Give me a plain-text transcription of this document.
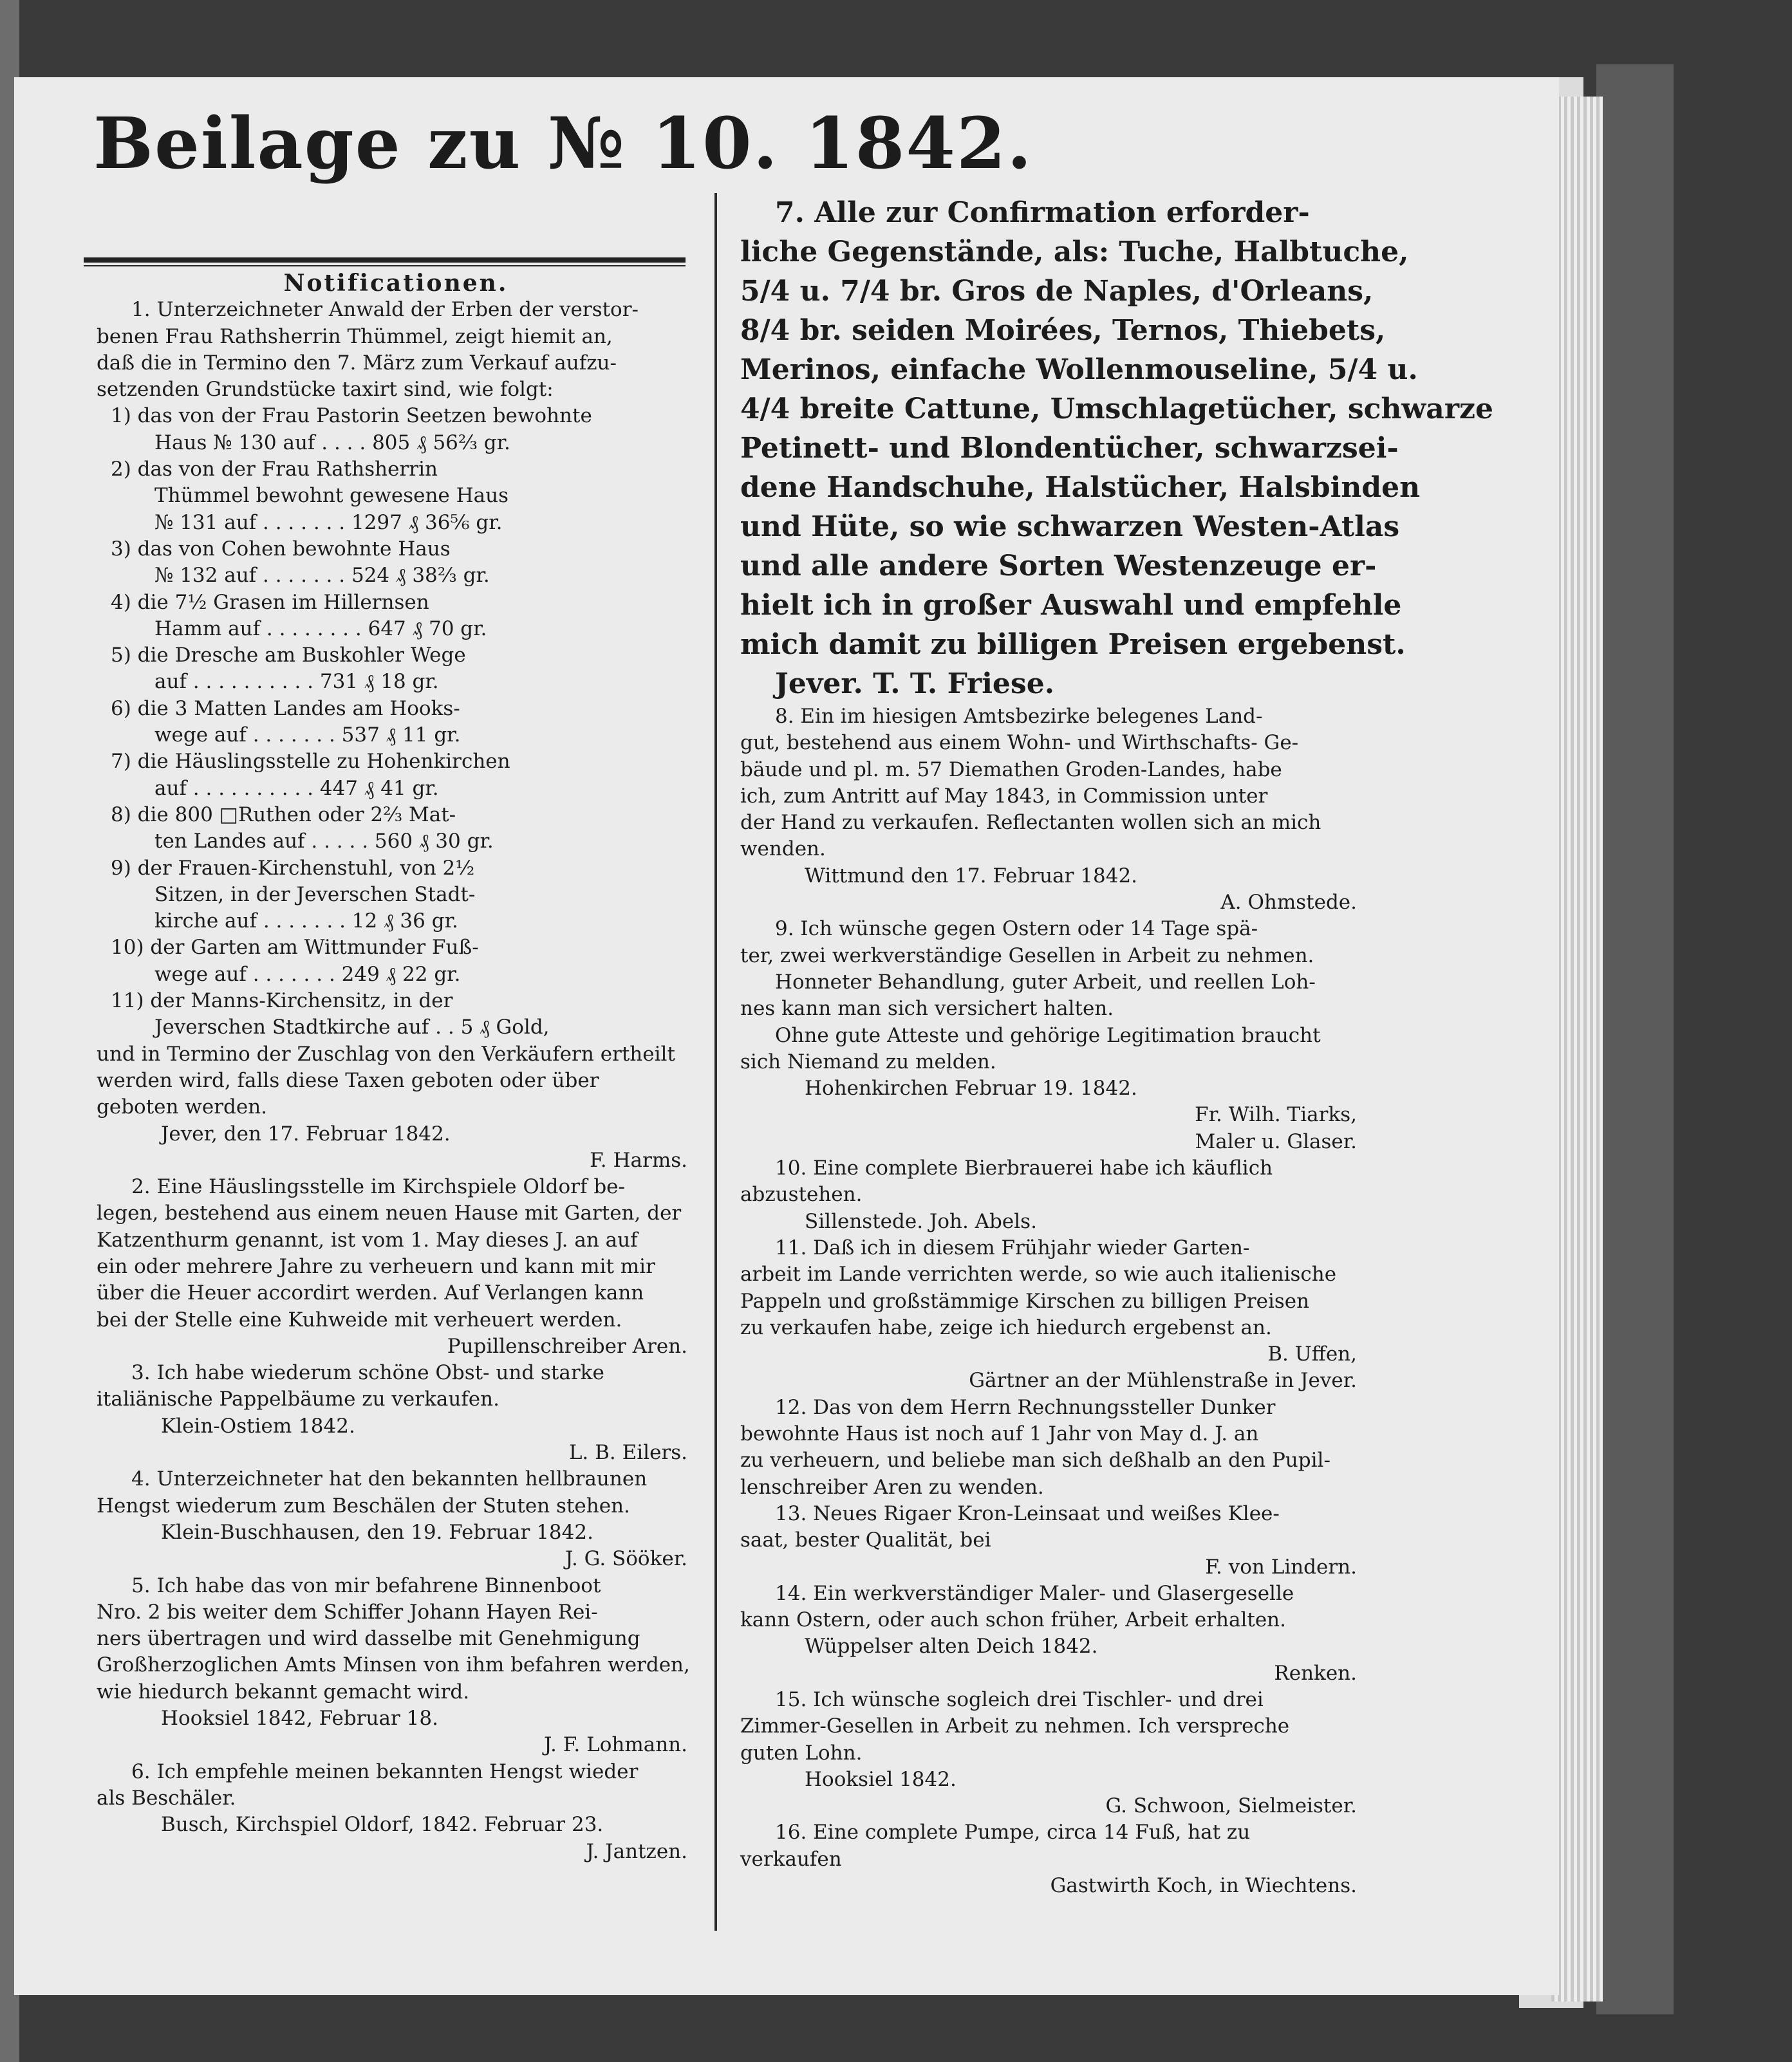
Beilage zu № 10. 1842.
Notificationen.
1. Unterzeichneter Anwald der Erben der verstor-
benen Frau Rathsherrin Thümmel, zeigt hiemit an,
daß die in Termino den 7. März zum Verkauf aufzu-
setzenden Grundstücke taxirt sind, wie folgt:
1) das von der Frau Pastorin Seetzen bewohnte
Haus № 130 auf . . . . 805 ₰ 56⅔ gr.
2) das von der Frau Rathsherrin
Thümmel bewohnt gewesene Haus
№ 131 auf . . . . . . . 1297 ₰ 36⅚ gr.
3) das von Cohen bewohnte Haus
№ 132 auf . . . . . . . 524 ₰ 38⅔ gr.
4) die 7½ Grasen im Hillernsen
Hamm auf . . . . . . . . 647 ₰ 70 gr.
5) die Dresche am Buskohler Wege
auf . . . . . . . . . . 731 ₰ 18 gr.
6) die 3 Matten Landes am Hooks-
wege auf . . . . . . . 537 ₰ 11 gr.
7) die Häuslingsstelle zu Hohenkirchen
auf . . . . . . . . . . 447 ₰ 41 gr.
8) die 800 □Ruthen oder 2⅔ Mat-
ten Landes auf . . . . . 560 ₰ 30 gr.
9) der Frauen-Kirchenstuhl, von 2½
Sitzen, in der Jeverschen Stadt-
kirche auf . . . . . . . 12 ₰ 36 gr.
10) der Garten am Wittmunder Fuß-
wege auf . . . . . . . 249 ₰ 22 gr.
11) der Manns-Kirchensitz, in der
Jeverschen Stadtkirche auf . . 5 ₰ Gold,
und in Termino der Zuschlag von den Verkäufern ertheilt
werden wird, falls diese Taxen geboten oder über
geboten werden.
Jever, den 17. Februar 1842.
F. Harms.
2. Eine Häuslingsstelle im Kirchspiele Oldorf be-
legen, bestehend aus einem neuen Hause mit Garten, der
Katzenthurm genannt, ist vom 1. May dieses J. an auf
ein oder mehrere Jahre zu verheuern und kann mit mir
über die Heuer accordirt werden. Auf Verlangen kann
bei der Stelle eine Kuhweide mit verheuert werden.
Pupillenschreiber Aren.
3. Ich habe wiederum schöne Obst- und starke
italiänische Pappelbäume zu verkaufen.
Klein-Ostiem 1842.
L. B. Eilers.
4. Unterzeichneter hat den bekannten hellbraunen
Hengst wiederum zum Beschälen der Stuten stehen.
Klein-Buschhausen, den 19. Februar 1842.
J. G. Sööker.
5. Ich habe das von mir befahrene Binnenboot
Nro. 2 bis weiter dem Schiffer Johann Hayen Rei-
ners übertragen und wird dasselbe mit Genehmigung
Großherzoglichen Amts Minsen von ihm befahren werden,
wie hiedurch bekannt gemacht wird.
Hooksiel 1842, Februar 18.
J. F. Lohmann.
6. Ich empfehle meinen bekannten Hengst wieder
als Beschäler.
Busch, Kirchspiel Oldorf, 1842. Februar 23.
J. Jantzen.
7. Alle zur Confirmation erforder-
liche Gegenstände, als: Tuche, Halbtuche,
5/4 u. 7/4 br. Gros de Naples, d'Orleans,
8/4 br. seiden Moirées, Ternos, Thiebets,
Merinos, einfache Wollenmouseline, 5/4 u.
4/4 breite Cattune, Umschlagetücher, schwarze
Petinett- und Blondentücher, schwarzsei-
dene Handschuhe, Halstücher, Halsbinden
und Hüte, so wie schwarzen Westen-Atlas
und alle andere Sorten Westenzeuge er-
hielt ich in großer Auswahl und empfehle
mich damit zu billigen Preisen ergebenst.
Jever. T. T. Friese.
8. Ein im hiesigen Amtsbezirke belegenes Land-
gut, bestehend aus einem Wohn- und Wirthschafts- Ge-
bäude und pl. m. 57 Diemathen Groden-Landes, habe
ich, zum Antritt auf May 1843, in Commission unter
der Hand zu verkaufen. Reflectanten wollen sich an mich
wenden.
Wittmund den 17. Februar 1842.
A. Ohmstede.
9. Ich wünsche gegen Ostern oder 14 Tage spä-
ter, zwei werkverständige Gesellen in Arbeit zu nehmen.
Honneter Behandlung, guter Arbeit, und reellen Loh-
nes kann man sich versichert halten.
Ohne gute Atteste und gehörige Legitimation braucht
sich Niemand zu melden.
Hohenkirchen Februar 19. 1842.
Fr. Wilh. Tiarks,
Maler u. Glaser.
10. Eine complete Bierbrauerei habe ich käuflich
abzustehen.
Sillenstede. Joh. Abels.
11. Daß ich in diesem Frühjahr wieder Garten-
arbeit im Lande verrichten werde, so wie auch italienische
Pappeln und großstämmige Kirschen zu billigen Preisen
zu verkaufen habe, zeige ich hiedurch ergebenst an.
B. Uffen,
Gärtner an der Mühlenstraße in Jever.
12. Das von dem Herrn Rechnungssteller Dunker
bewohnte Haus ist noch auf 1 Jahr von May d. J. an
zu verheuern, und beliebe man sich deßhalb an den Pupil-
lenschreiber Aren zu wenden.
13. Neues Rigaer Kron-Leinsaat und weißes Klee-
saat, bester Qualität, bei
F. von Lindern.
14. Ein werkverständiger Maler- und Glasergeselle
kann Ostern, oder auch schon früher, Arbeit erhalten.
Wüppelser alten Deich 1842.
Renken.
15. Ich wünsche sogleich drei Tischler- und drei
Zimmer-Gesellen in Arbeit zu nehmen. Ich verspreche
guten Lohn.
Hooksiel 1842.
G. Schwoon, Sielmeister.
16. Eine complete Pumpe, circa 14 Fuß, hat zu
verkaufen
Gastwirth Koch, in Wiechtens.
